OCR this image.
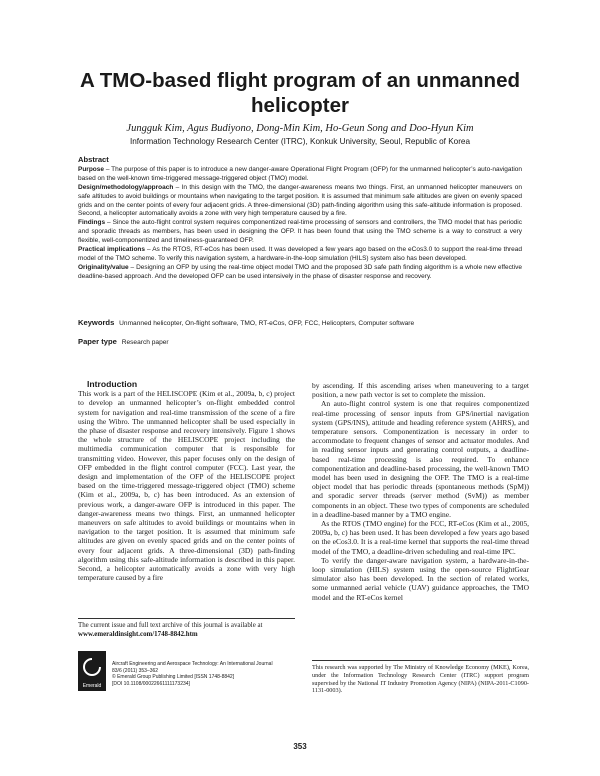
A TMO-based flight program of an unmanned helicopter

Jungguk Kim, Agus Budiyono, Dong-Min Kim, Ho-Geun Song and Doo-Hyun Kim

Information Technology Research Center (ITRC), Konkuk University, Seoul, Republic of Korea

Abstract

Purpose – The purpose of this paper is to introduce a new danger-aware Operational Flight Program (OFP) for the unmanned helicopter’s auto-navigation based on the well-known time-triggered message-triggered object (TMO) model.

Design/methodology/approach – In this design with the TMO, the danger-awareness means two things. First, an unmanned helicopter maneuvers on safe altitudes to avoid buildings or mountains when navigating to the target position. It is assumed that minimum safe altitudes are given on evenly spaced grids and on the center points of every four adjacent grids. A three-dimensional (3D) path-finding algorithm using this safe-altitude information is proposed. Second, a helicopter automatically avoids a zone with very high temperature caused by a fire.

Findings – Since the auto-flight control system requires componentized real-time processing of sensors and controllers, the TMO model that has periodic and sporadic threads as members, has been used in designing the OFP. It has been found that using the TMO scheme is a way to construct a very flexible, well-componentized and timeliness-guaranteed OFP.

Practical implications – As the RTOS, RT-eCos has been used. It was developed a few years ago based on the eCos3.0 to support the real-time thread model of the TMO scheme. To verify this navigation system, a hardware-in-the-loop simulation (HILS) system also has been developed.

Originality/value – Designing an OFP by using the real-time object model TMO and the proposed 3D safe path finding algorithm is a whole new effective deadline-based approach. And the developed OFP can be used intensively in the phase of disaster response and recovery.

Keywords Unmanned helicopter, On-flight software, TMO, RT-eCos, OFP, FCC, Helicopters, Computer software

Paper type Research paper

Introduction

This work is a part of the HELISCOPE (Kim et al., 2009a, b, c) project to develop an unmanned helicopter’s on-flight embedded control system for navigation and real-time transmission of the scene of a fire using the Wibro. The unmanned helicopter shall be used especially in the phase of disaster response and recovery intensively. Figure 1 shows the whole structure of the HELISCOPE project including the multimedia communication computer that is responsible for transmitting video. However, this paper focuses only on the design of OFP embedded in the flight control computer (FCC). Last year, the design and implementation of the OFP of the HELISCOPE project based on the time-triggered message-triggered object (TMO) scheme (Kim et al., 2009a, b, c) has been introduced. As an extension of previous work, a danger-aware OFP is introduced in this paper. The danger-awareness means two things. First, an unmanned helicopter maneuvers on safe altitudes to avoid buildings or mountains when in navigation to the target position. It is assumed that minimum safe altitudes are given on evenly spaced grids and on the center points of every four adjacent grids. A three-dimensional (3D) path-finding algorithm using this safe-altitude information is described in this paper. Second, a helicopter automatically avoids a zone with very high temperature caused by a fire

The current issue and full text archive of this journal is available at
www.emeraldinsight.com/1748-8842.htm
Emerald

Aircraft Engineering and Aerospace Technology: An International Journal

83/6 (2011) 353–362

© Emerald Group Publishing Limited [ISSN 1748-8842]

[DOI 10.1108/00022661111173234]

by ascending. If this ascending arises when maneuvering to a target position, a new path vector is set to complete the mission.

An auto-flight control system is one that requires componentized real-time processing of sensor inputs from GPS/inertial navigation system (GPS/INS), attitude and heading reference system (AHRS), and temperature sensors. Componentization is necessary in order to accommodate to frequent changes of sensor and actuator modules. And in reading sensor inputs and generating control outputs, a deadline-based real-time processing is also required. To enhance componentization and deadline-based processing, the well-known TMO model has been used in designing the OFP. The TMO is a real-time object model that has periodic threads (spontaneous methods (SpM)) and sporadic server threads (server method (SvM)) as member components in an object. These two types of components are scheduled in a deadline-based manner by a TMO engine.

As the RTOS (TMO engine) for the FCC, RT-eCos (Kim et al., 2005, 2009a, b, c) has been used. It has been developed a few years ago based on the eCos3.0. It is a real-time kernel that supports the real-time thread model of the TMO, a deadline-driven scheduling and real-time IPC.

To verify the danger-aware navigation system, a hardware-in-the-loop simulation (HILS) system using the open-source FlightGear simulator also has been developed. In the section of related works, some unmanned aerial vehicle (UAV) guidance approaches, the TMO model and the RT-eCos kernel

This research was supported by The Ministry of Knowledge Economy (MKE), Korea, under the Information Technology Research Center (ITRC) support program supervised by the National IT Industry Promotion Agency (NIPA) (NIPA-2011-C1090-1131-0003).

353
